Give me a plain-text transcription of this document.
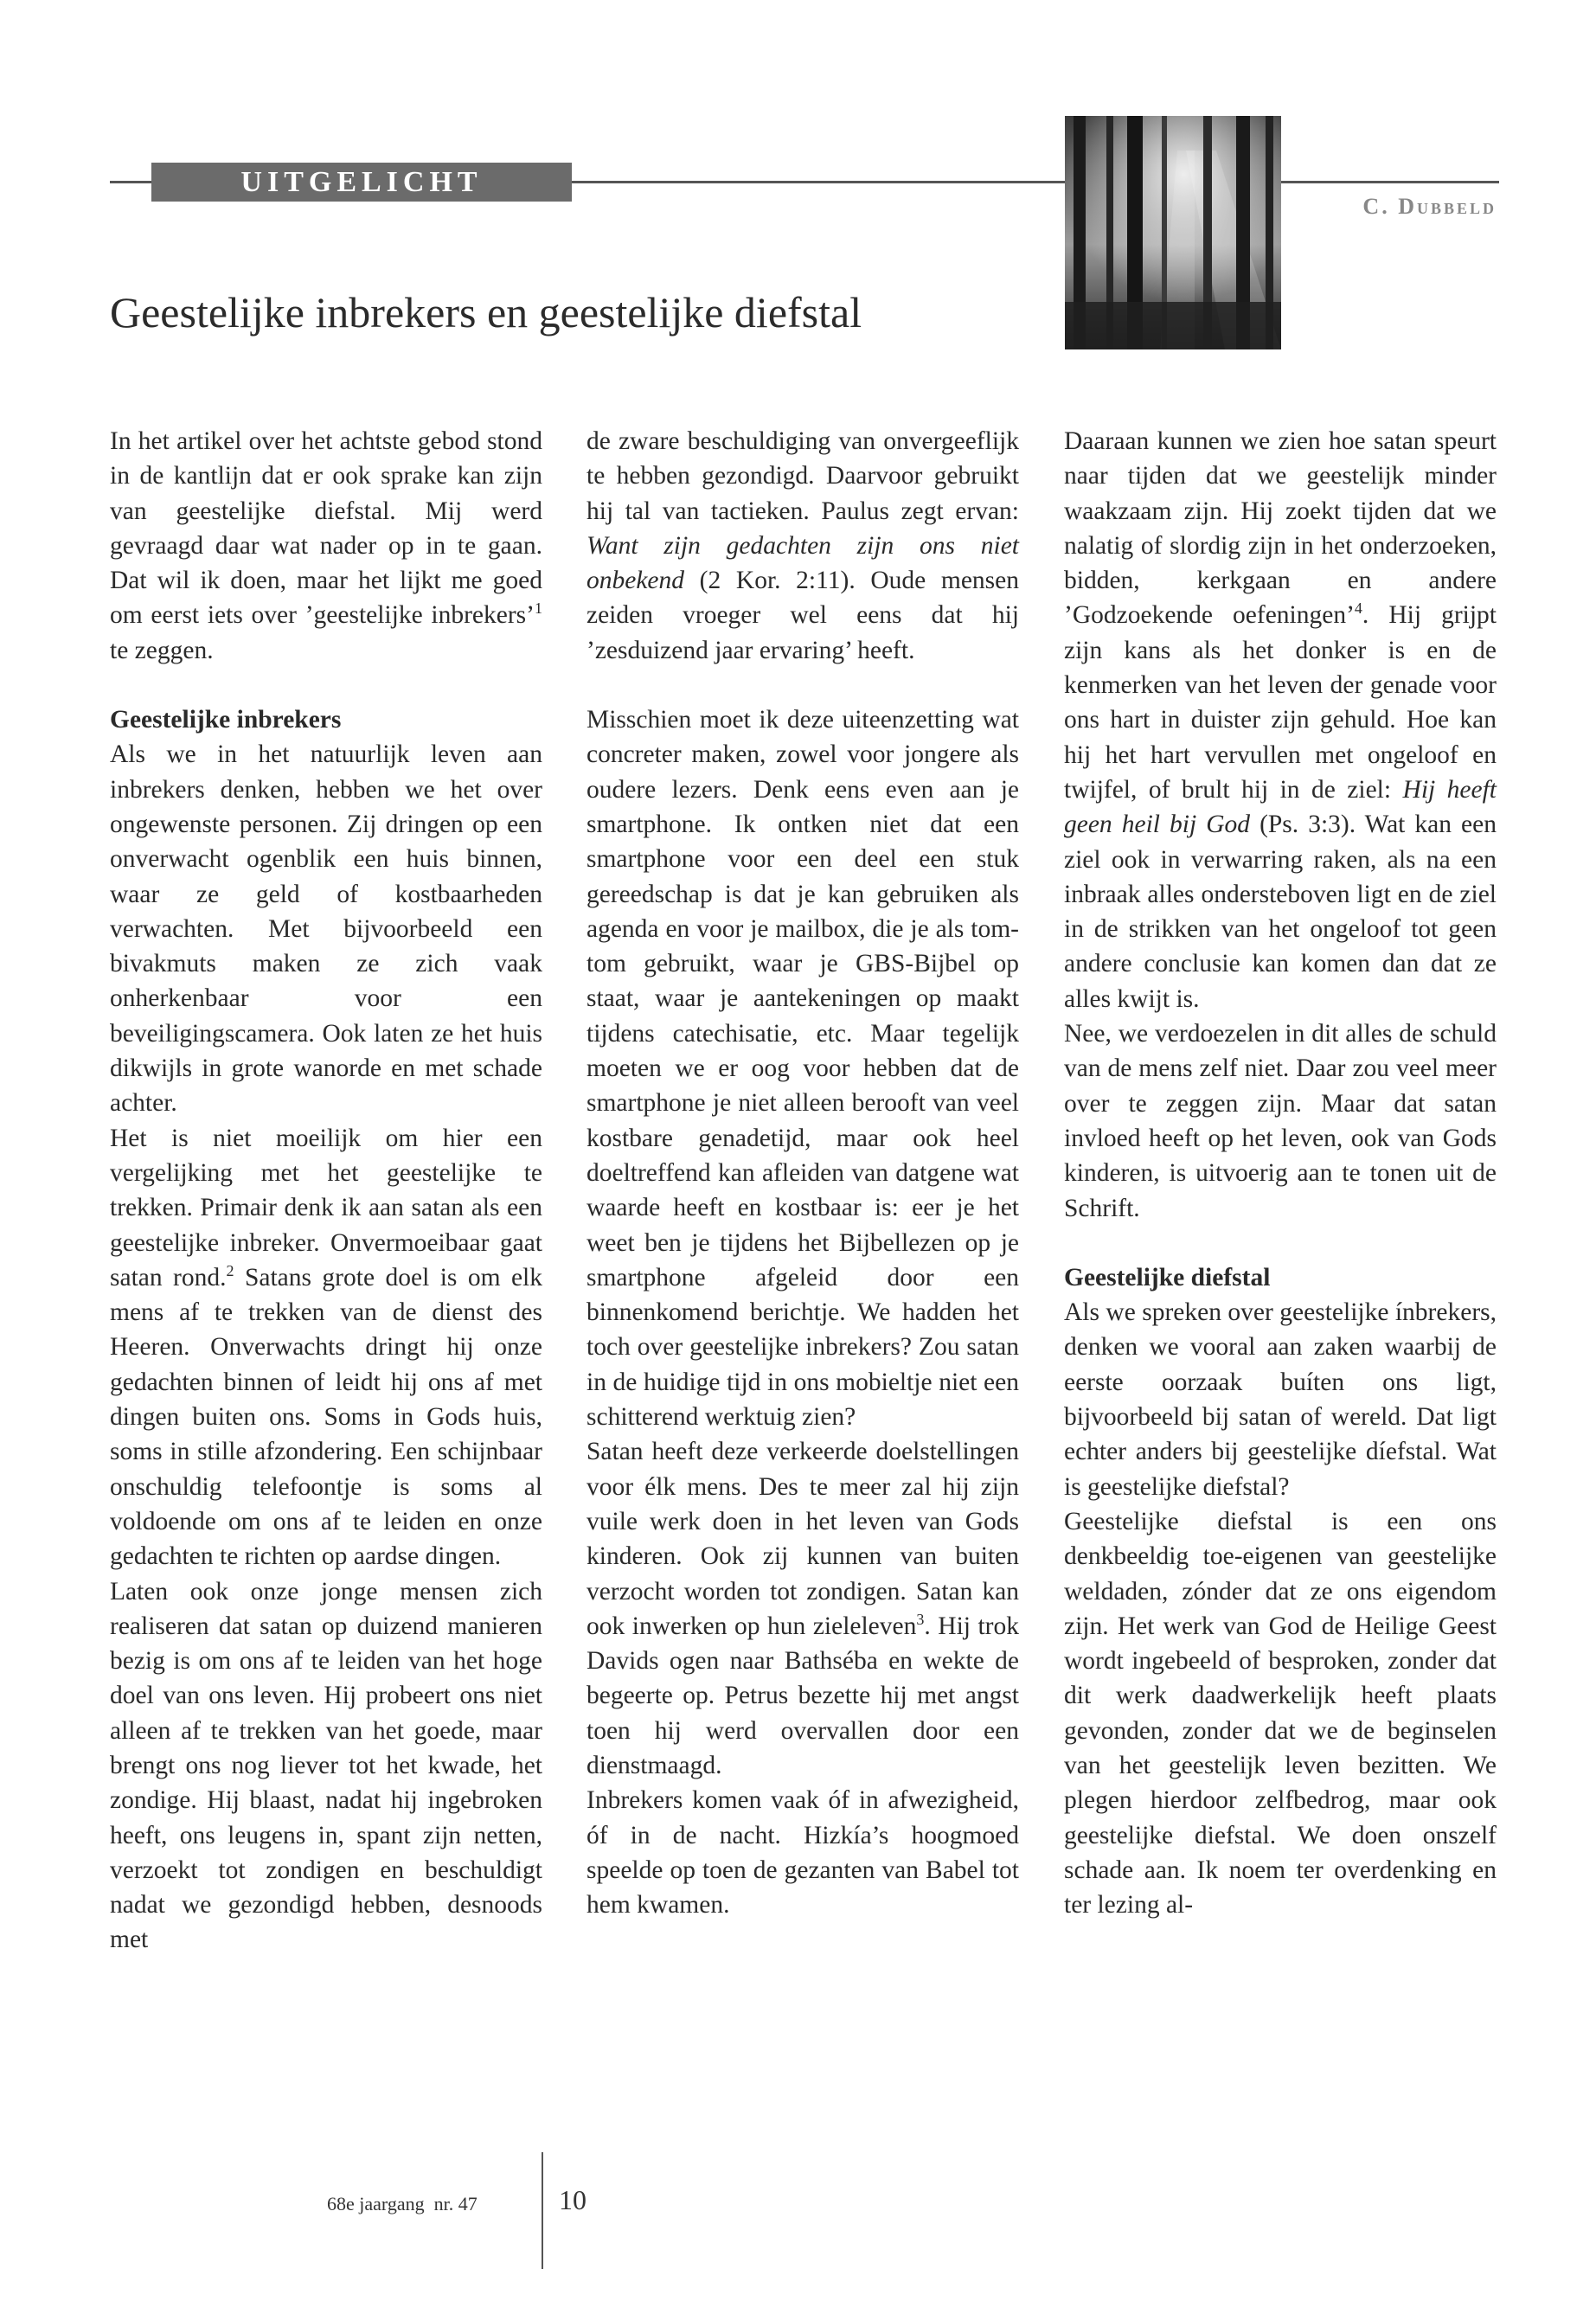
UITGELICHT
C. Dubbeld
Geestelijke inbrekers en geestelijke diefstal

In het artikel over het achtste gebod stond in de kantlijn dat er ook sprake kan zijn van geestelijke diefstal. Mij werd gevraagd daar wat nader op in te gaan. Dat wil ik doen, maar het lijkt me goed om eerst iets over ’geestelijke inbrekers’$^1$ te zeggen.

Geestelijke inbrekers

Als we in het natuurlijk leven aan inbrekers denken, hebben we het over ongewenste personen. Zij dringen op een onverwacht ogenblik een huis binnen, waar ze geld of kostbaarheden verwachten. Met bijvoorbeeld een bivakmuts maken ze zich vaak onherkenbaar voor een beveiligingscamera. Ook laten ze het huis dikwijls in grote wanorde en met schade achter.

Het is niet moeilijk om hier een vergelijking met het geestelijke te trekken. Primair denk ik aan satan als een geestelijke inbreker. Onvermoeibaar gaat satan rond.$^2$ Satans grote doel is om elk mens af te trekken van de dienst des Heeren. Onverwachts dringt hij onze gedachten binnen of leidt hij ons af met dingen buiten ons. Soms in Gods huis, soms in stille afzondering. Een schijnbaar onschuldig telefoontje is soms al voldoende om ons af te leiden en onze gedachten te richten op aardse dingen.

Laten ook onze jonge mensen zich realiseren dat satan op duizend manieren bezig is om ons af te leiden van het hoge doel van ons leven. Hij probeert ons niet alleen af te trekken van het goede, maar brengt ons nog liever tot het kwade, het zondige. Hij blaast, nadat hij ingebroken heeft, ons leugens in, spant zijn netten, verzoekt tot zondigen en beschuldigt nadat we gezondigd hebben, desnoods met

de zware beschuldiging van onvergeeflijk te hebben gezondigd. Daarvoor gebruikt hij tal van tactieken. Paulus zegt ervan: Want zijn gedachten zijn ons niet onbekend (2 Kor. 2:11). Oude mensen zeiden vroeger wel eens dat hij ’zesduizend jaar ervaring’ heeft.

Misschien moet ik deze uiteenzetting wat concreter maken, zowel voor jongere als oudere lezers. Denk eens even aan je smartphone. Ik ontken niet dat een smartphone voor een deel een stuk gereedschap is dat je kan gebruiken als agenda en voor je mailbox, die je als tom-tom gebruikt, waar je GBS-Bijbel op staat, waar je aantekeningen op maakt tijdens catechisatie, etc. Maar tegelijk moeten we er oog voor hebben dat de smartphone je niet alleen berooft van veel kostbare genadetijd, maar ook heel doeltreffend kan afleiden van datgene wat waarde heeft en kostbaar is: eer je het weet ben je tijdens het Bijbellezen op je smartphone afgeleid door een binnenkomend berichtje. We hadden het toch over geestelijke inbrekers? Zou satan in de huidige tijd in ons mobieltje niet een schitterend werktuig zien?

Satan heeft deze verkeerde doelstellingen voor élk mens. Des te meer zal hij zijn vuile werk doen in het leven van Gods kinderen. Ook zij kunnen van buiten verzocht worden tot zondigen. Satan kan ook inwerken op hun zieleleven$^3$. Hij trok Davids ogen naar Bathséba en wekte de begeerte op. Petrus bezette hij met angst toen hij werd overvallen door een dienstmaagd.

Inbrekers komen vaak óf in afwezigheid, óf in de nacht. Hizkía’s hoogmoed speelde op toen de gezanten van Babel tot hem kwamen.

Daaraan kunnen we zien hoe satan speurt naar tijden dat we geestelijk minder waakzaam zijn. Hij zoekt tijden dat we nalatig of slordig zijn in het onderzoeken, bidden, kerkgaan en andere ’Godzoekende oefeningen’$^4$. Hij grijpt zijn kans als het donker is en de kenmerken van het leven der genade voor ons hart in duister zijn gehuld. Hoe kan hij het hart vervullen met ongeloof en twijfel, of brult hij in de ziel: Hij heeft geen heil bij God (Ps. 3:3). Wat kan een ziel ook in verwarring raken, als na een inbraak alles ondersteboven ligt en de ziel in de strikken van het ongeloof tot geen andere conclusie kan komen dan dat ze alles kwijt is.

Nee, we verdoezelen in dit alles de schuld van de mens zelf niet. Daar zou veel meer over te zeggen zijn. Maar dat satan invloed heeft op het leven, ook van Gods kinderen, is uitvoerig aan te tonen uit de Schrift.

Geestelijke diefstal

Als we spreken over geestelijke ínbrekers, denken we vooral aan zaken waarbij de eerste oorzaak buíten ons ligt, bijvoorbeeld bij satan of wereld. Dat ligt echter anders bij geestelijke díefstal. Wat is geestelijke diefstal?

Geestelijke diefstal is een ons denkbeeldig toe-eigenen van geestelijke weldaden, zónder dat ze ons eigendom zijn. Het werk van God de Heilige Geest wordt ingebeeld of besproken, zonder dat dit werk daadwerkelijk heeft plaats gevonden, zonder dat we de beginselen van het geestelijk leven bezitten. We plegen hierdoor zelfbedrog, maar ook geestelijke diefstal. We doen onszelf schade aan. Ik noem ter overdenking en ter lezing al-

68e jaargang  nr. 47	10
